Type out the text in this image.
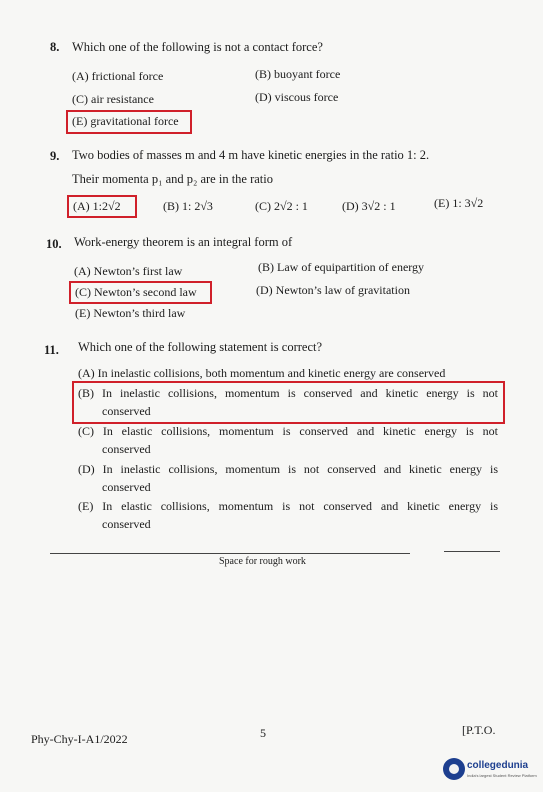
8. Which one of the following is not a contact force?
(A) frictional force	(B) buoyant force
(C) air resistance	(D) viscous force
(E) gravitational force
9. Two bodies of masses m and 4 m have kinetic energies in the ratio 1: 2.
Their momenta p₁ and p₂ are in the ratio
(A) 1:2√2	(B) 1: 2√3	(C) 2√2 : 1	(D) 3√2 : 1	(E) 1: 3√2
10. Work-energy theorem is an integral form of
(A) Newton’s first law	(B) Law of equipartition of energy
(C) Newton’s second law	(D) Newton’s law of gravitation
(E) Newton’s third law
11. Which one of the following statement is correct?
(A) In inelastic collisions, both momentum and kinetic energy are conserved
(B) In inelastic collisions, momentum is conserved and kinetic energy is not
conserved
(C) In elastic collisions, momentum is conserved and kinetic energy is not
conserved
(D) In inelastic collisions, momentum is not conserved and kinetic energy is
conserved
(E) In elastic collisions, momentum is not conserved and kinetic energy is
conserved
Space for rough work
Phy-Chy-I-A1/2022	5	[P.T.O.
collegedunia
India's largest Student Review Platform
